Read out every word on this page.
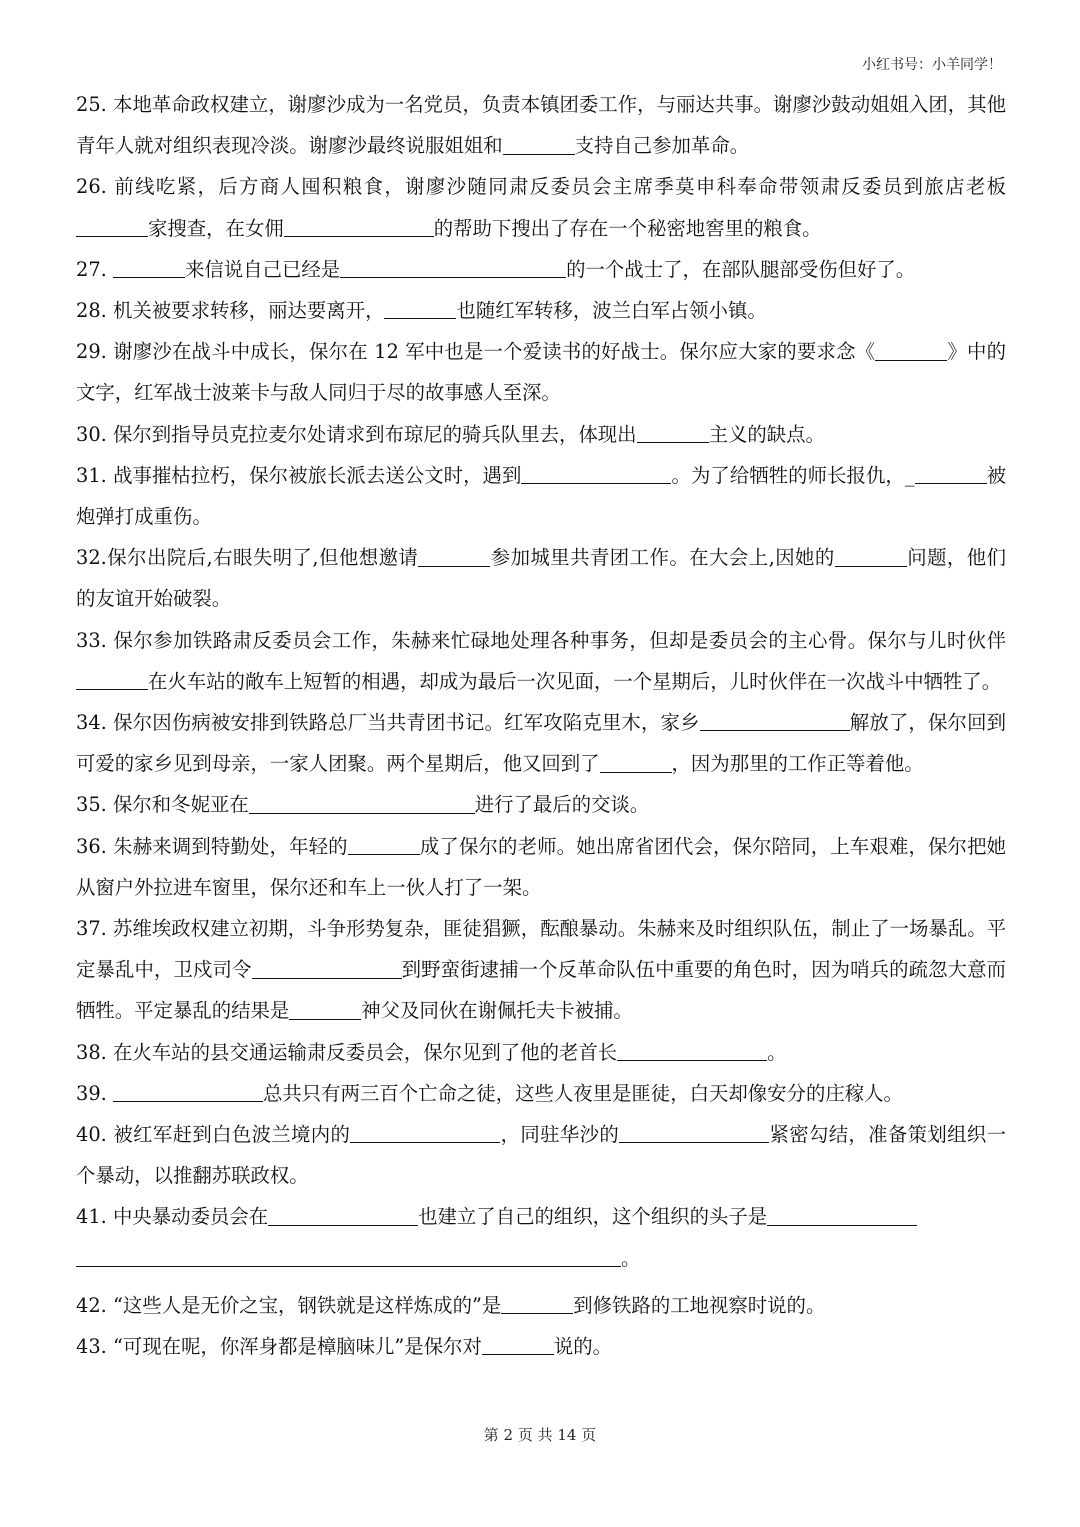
小红书号：小羊同学！

25. 本地革命政权建立，谢廖沙成为一名党员，负责本镇团委工作，与丽达共事。谢廖沙鼓动姐姐入团，其他青年人就对组织表现冷淡。谢廖沙最终说服姐姐和	支持自己参加革命。

26. 前线吃紧，后方商人囤积粮食，谢廖沙随同肃反委员会主席季莫申科奉命带领肃反委员到旅店老板家搜查，在女佣	的帮助下搜出了存在一个秘密地窖里的粮食。

27.	来信说自己已经是	的一个战士了，在部队腿部受伤但好了。

28. 机关被要求转移，丽达要离开，	也随红军转移，波兰白军占领小镇。

29. 谢廖沙在战斗中成长，保尔在 12 军中也是一个爱读书的好战士。保尔应大家的要求念《	》中的文字，红军战士波莱卡与敌人同归于尽的故事感人至深。

30. 保尔到指导员克拉麦尔处请求到布琼尼的骑兵队里去，体现出	主义的缺点。

31. 战事摧枯拉朽，保尔被旅长派去送公文时，遇到	。为了给牺牲的师长报仇，_	被炮弹打成重伤。

32.保尔出院后,右眼失明了,但他想邀请	参加城里共青团工作。在大会上,因她的	问题，他们的友谊开始破裂。

33. 保尔参加铁路肃反委员会工作，朱赫来忙碌地处理各种事务，但却是委员会的主心骨。保尔与儿时伙伴在火车站的敞车上短暂的相遇，却成为最后一次见面，一个星期后，儿时伙伴在一次战斗中牺牲了。

34. 保尔因伤病被安排到铁路总厂当共青团书记。红军攻陷克里木，家乡	解放了，保尔回到可爱的家乡见到母亲，一家人团聚。两个星期后，他又回到了	，因为那里的工作正等着他。

35. 保尔和冬妮亚在	进行了最后的交谈。

36. 朱赫来调到特勤处，年轻的	成了保尔的老师。她出席省团代会，保尔陪同，上车艰难，保尔把她从窗户外拉进车窗里，保尔还和车上一伙人打了一架。

37. 苏维埃政权建立初期，斗争形势复杂，匪徒猖獗，酝酿暴动。朱赫来及时组织队伍，制止了一场暴乱。平定暴乱中，卫戍司令	到野蛮街逮捕一个反革命队伍中重要的角色时，因为哨兵的疏忽大意而牺牲。平定暴乱的结果是	神父及同伙在谢佩托夫卡被捕。

38. 在火车站的县交通运输肃反委员会，保尔见到了他的老首长	。

39.	总共只有两三百个亡命之徒，这些人夜里是匪徒，白天却像安分的庄稼人。

40. 被红军赶到白色波兰境内的	，同驻华沙的	紧密勾结，准备策划组织一个暴动，以推翻苏联政权。

41. 中央暴动委员会在	也建立了自己的组织，这个组织的头子是
。

42. “这些人是无价之宝，钢铁就是这样炼成的”是	到修铁路的工地视察时说的。

43. “可现在呢，你浑身都是樟脑味儿”是保尔对	说的。

第 2 页 共 14 页
